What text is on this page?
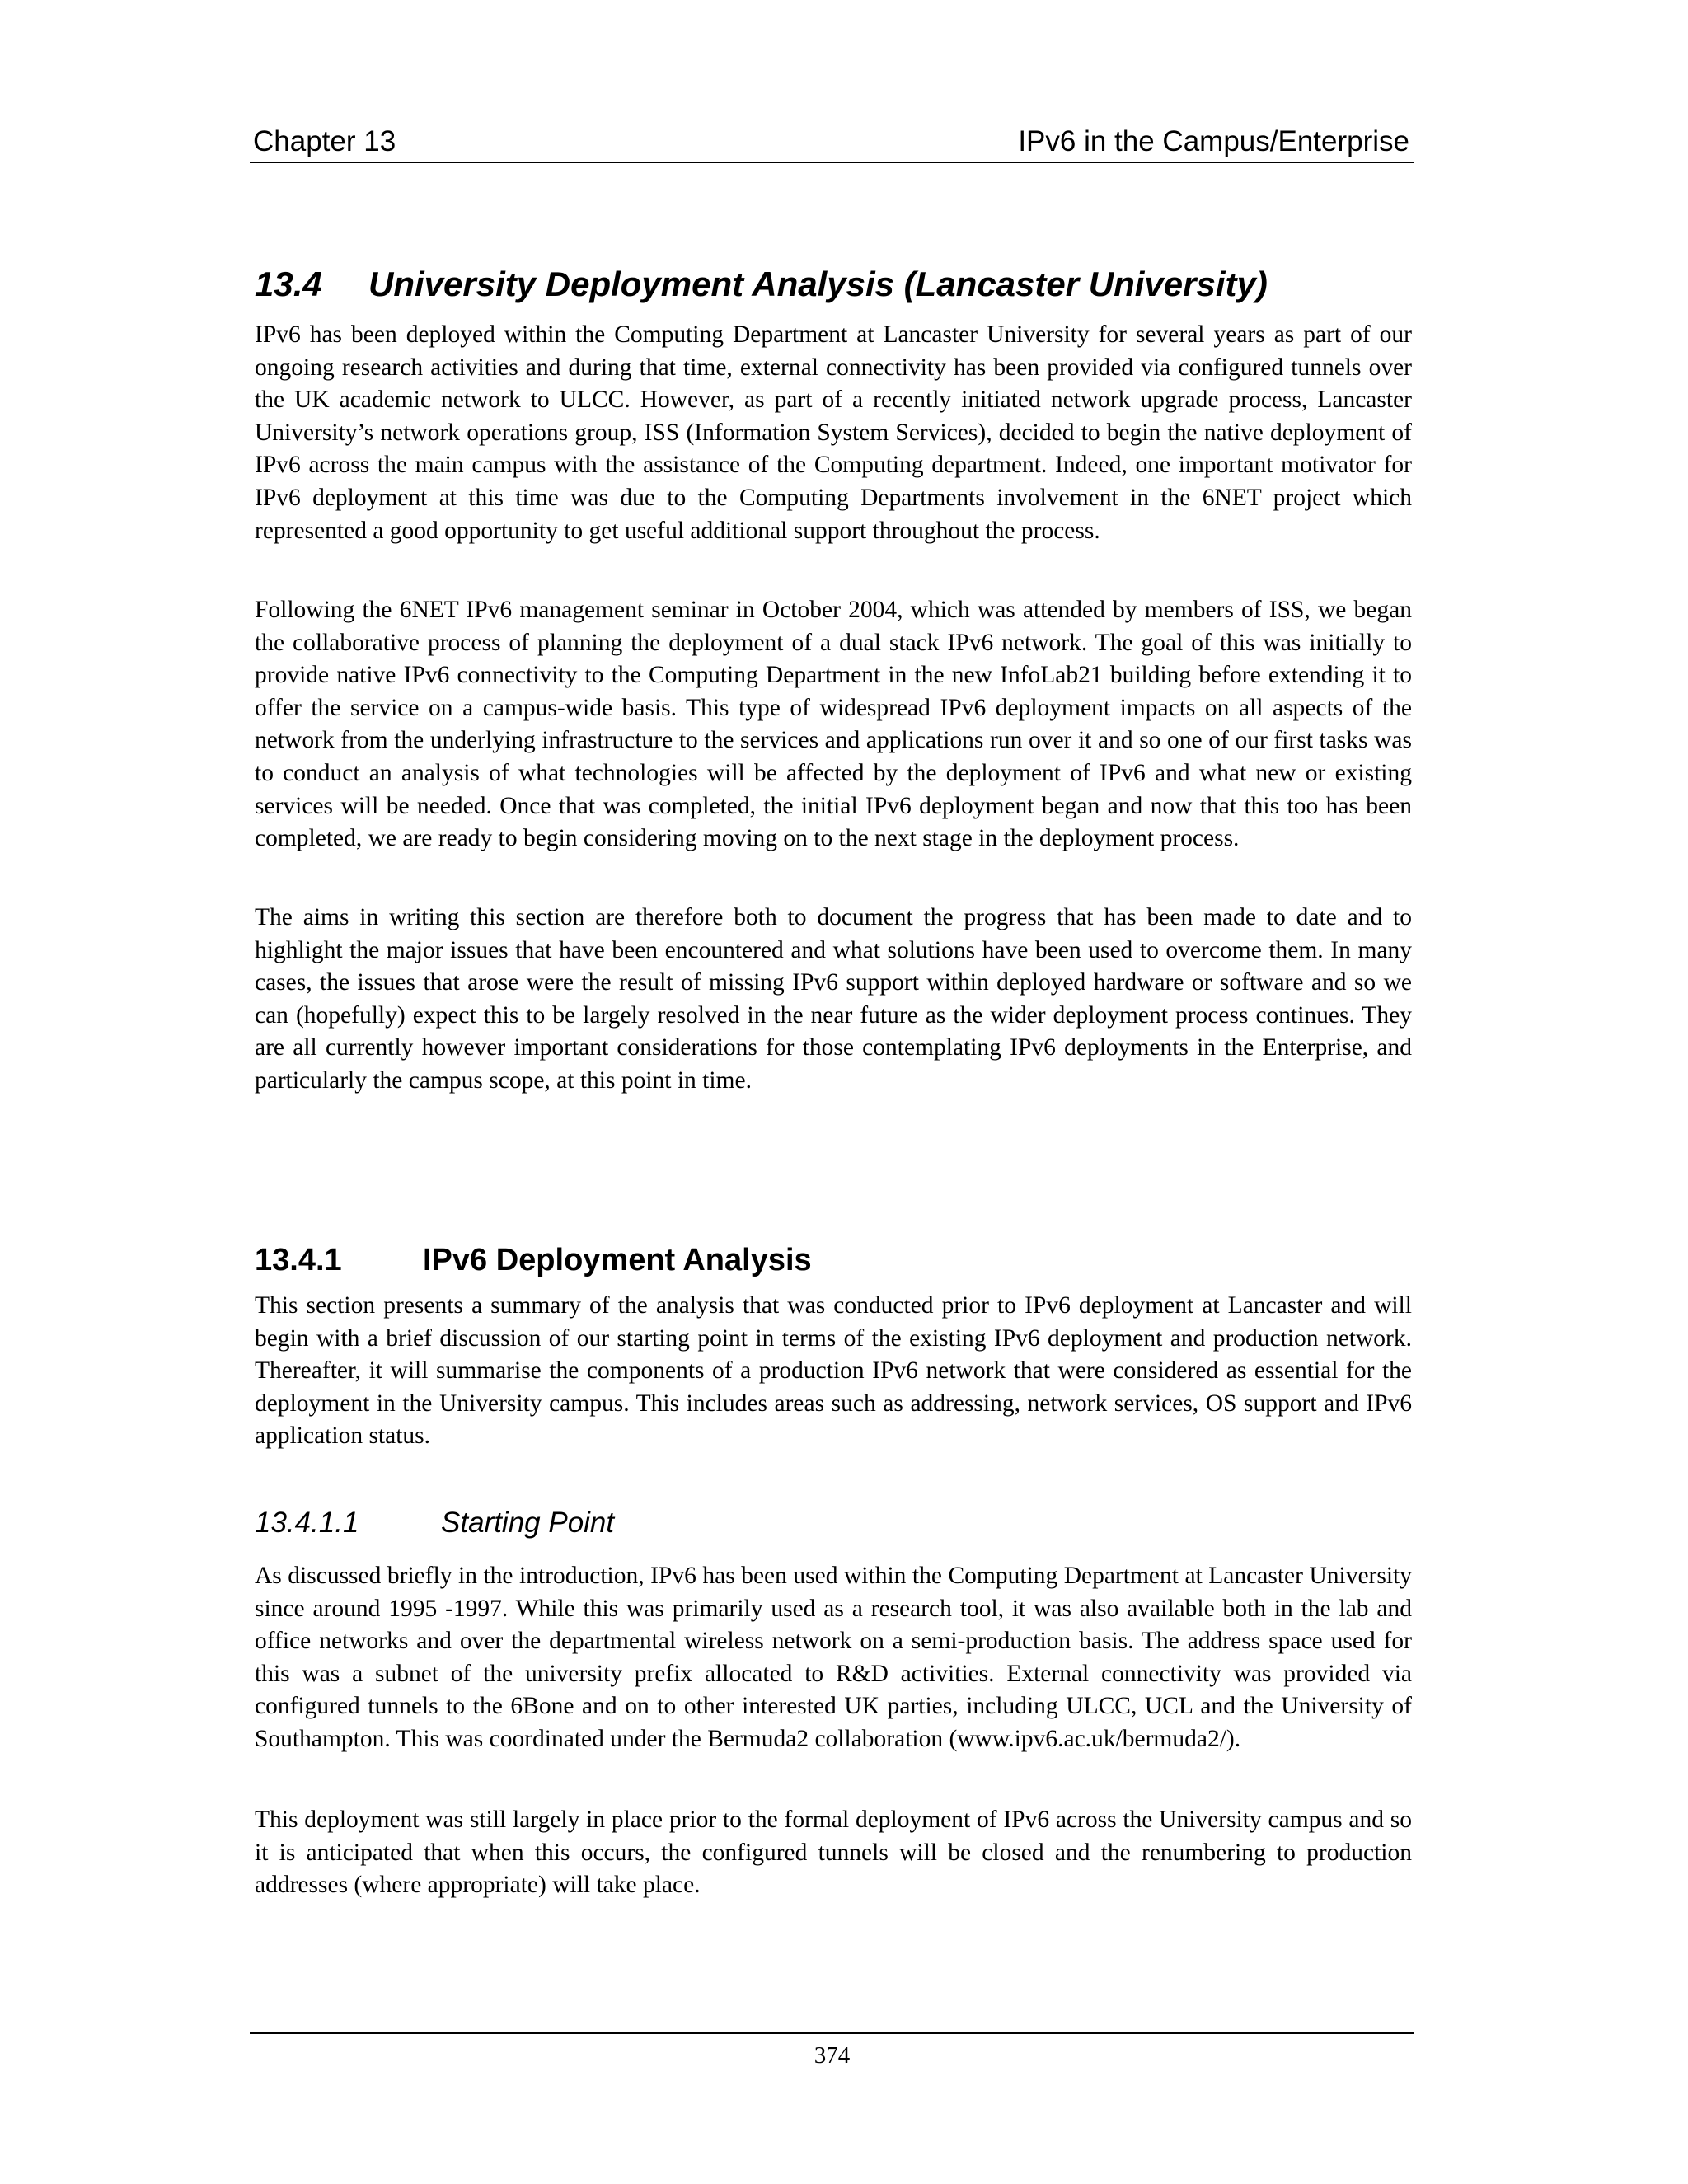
Chapter 13	IPv6 in the Campus/Enterprise
13.4 University Deployment Analysis (Lancaster University)

IPv6 has been deployed within the Computing Department at Lancaster University for several years as part of our ongoing research activities and during that time, external connectivity has been provided via configured tunnels over the UK academic network to ULCC. However, as part of a recently initiated network upgrade process, Lancaster University’s network operations group, ISS (Information System Services), decided to begin the native deployment of IPv6 across the main campus with the assistance of the Computing department. Indeed, one important motivator for IPv6 deployment at this time was due to the Computing Departments involvement in the 6NET project which represented a good opportunity to get useful additional support throughout the process.

Following the 6NET IPv6 management seminar in October 2004, which was attended by members of ISS, we began the collaborative process of planning the deployment of a dual stack IPv6 network. The goal of this was initially to provide native IPv6 connectivity to the Computing Department in the new InfoLab21 building before extending it to offer the service on a campus-wide basis. This type of widespread IPv6 deployment impacts on all aspects of the network from the underlying infrastructure to the services and applications run over it and so one of our first tasks was to conduct an analysis of what technologies will be affected by the deployment of IPv6 and what new or existing services will be needed. Once that was completed, the initial IPv6 deployment began and now that this too has been completed, we are ready to begin considering moving on to the next stage in the deployment process.

The aims in writing this section are therefore both to document the progress that has been made to date and to highlight the major issues that have been encountered and what solutions have been used to overcome them. In many cases, the issues that arose were the result of missing IPv6 support within deployed hardware or software and so we can (hopefully) expect this to be largely resolved in the near future as the wider deployment process continues. They are all currently however important considerations for those contemplating IPv6 deployments in the Enterprise, and particularly the campus scope, at this point in time.

13.4.1	IPv6 Deployment Analysis

This section presents a summary of the analysis that was conducted prior to IPv6 deployment at Lancaster and will begin with a brief discussion of our starting point in terms of the existing IPv6 deployment and production network. Thereafter, it will summarise the components of a production IPv6 network that were considered as essential for the deployment in the University campus. This includes areas such as addressing, network services, OS support and IPv6 application status.

13.4.1.1	Starting Point

As discussed briefly in the introduction, IPv6 has been used within the Computing Department at Lancaster University since around 1995 -1997. While this was primarily used as a research tool, it was also available both in the lab and office networks and over the departmental wireless network on a semi-production basis. The address space used for this was a subnet of the university prefix allocated to R&D activities. External connectivity was provided via configured tunnels to the 6Bone and on to other interested UK parties, including ULCC, UCL and the University of Southampton. This was coordinated under the Bermuda2 collaboration (www.ipv6.ac.uk/bermuda2/).

This deployment was still largely in place prior to the formal deployment of IPv6 across the University campus and so it is anticipated that when this occurs, the configured tunnels will be closed and the renumbering to production addresses (where appropriate) will take place.

374
